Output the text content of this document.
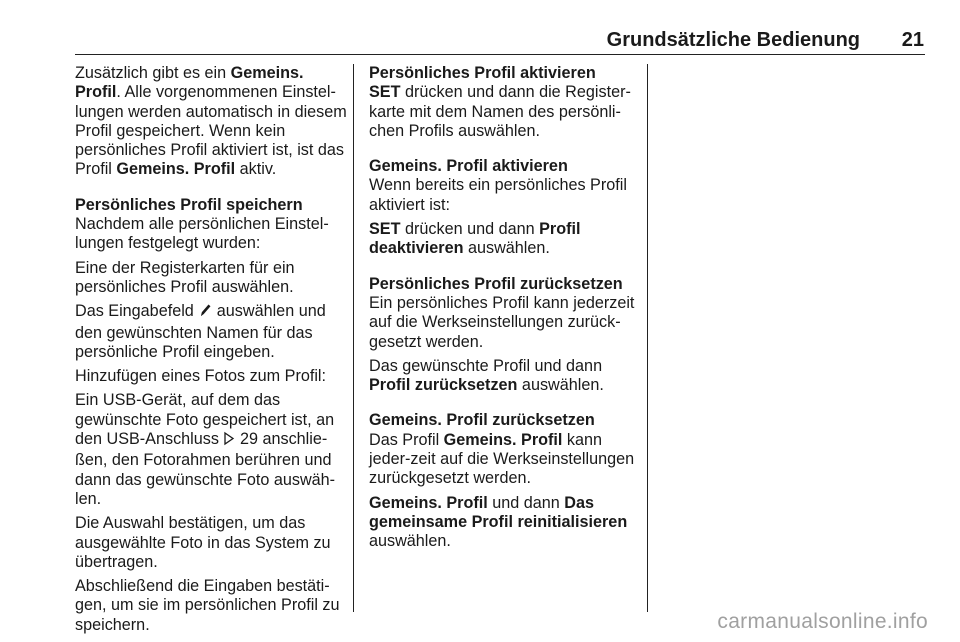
Grundsätzliche Bedienung	21

Zusätzlich gibt es ein Gemeins. Profil. Alle vorgenommenen Einstel-lungen werden automatisch in diesem Profil gespeichert. Wenn kein persönliches Profil aktiviert ist, ist das Profil Gemeins. Profil aktiv.

Persönliches Profil speichern

Nachdem alle persönlichen Einstel-lungen festgelegt wurden:

Eine der Registerkarten für ein persönliches Profil auswählen.

Das Eingabefeld  auswählen und den gewünschten Namen für das persönliche Profil eingeben.

Hinzufügen eines Fotos zum Profil:

Ein USB-Gerät, auf dem das gewünschte Foto gespeichert ist, an den USB-Anschluss  29 anschlie-ßen, den Fotorahmen berühren und dann das gewünschte Foto auswäh-len.

Die Auswahl bestätigen, um das ausgewählte Foto in das System zu übertragen.

Abschließend die Eingaben bestäti-gen, um sie im persönlichen Profil zu speichern.

Persönliches Profil aktivieren

SET drücken und dann die Register-karte mit dem Namen des persönli-chen Profils auswählen.

Gemeins. Profil aktivieren

Wenn bereits ein persönliches Profil aktiviert ist:

SET drücken und dann Profil deaktivieren auswählen.

Persönliches Profil zurücksetzen

Ein persönliches Profil kann jederzeit auf die Werkseinstellungen zurück-gesetzt werden.

Das gewünschte Profil und dann Profil zurücksetzen auswählen.

Gemeins. Profil zurücksetzen

Das Profil Gemeins. Profil kann jeder-zeit auf die Werkseinstellungen zurückgesetzt werden.

Gemeins. Profil und dann Das gemeinsame Profil reinitialisieren auswählen.

carmanualsonline.info
